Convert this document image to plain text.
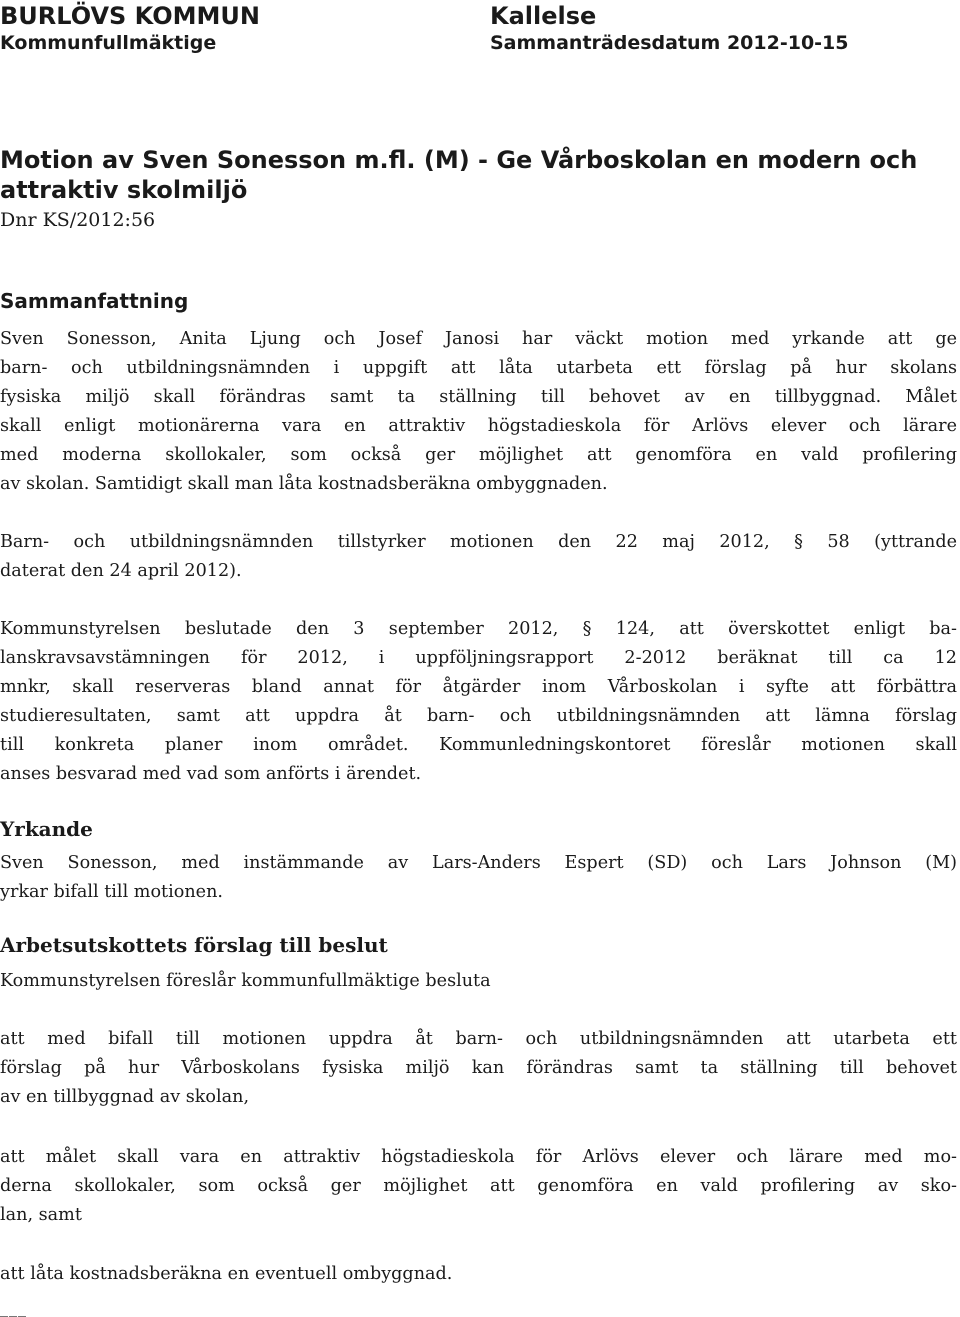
BURLÖVS KOMMUN	Kallelse
Kommunfullmäktige	Sammanträdesdatum 2012-10-15
Motion av Sven Sonesson m.fl. (M) - Ge Vårboskolan en modern och attraktiv skolmiljö

Dnr KS/2012:56

Sammanfattning
Sven Sonesson, Anita Ljung och Josef Janosi har väckt motion med yrkande att ge
barn- och utbildningsnämnden i uppgift att låta utarbeta ett förslag på hur skolans
fysiska miljö skall förändras samt ta ställning till behovet av en tillbyggnad. Målet
skall enligt motionärerna vara en attraktiv högstadieskola för Arlövs elever och lärare
med moderna skollokaler, som också ger möjlighet att genomföra en vald profilering
av skolan. Samtidigt skall man låta kostnadsberäkna ombyggnaden.
Barn- och utbildningsnämnden tillstyrker motionen den 22 maj 2012, § 58 (yttrande
daterat den 24 april 2012).
Kommunstyrelsen beslutade den 3 september 2012, § 124, att överskottet enligt ba-
lanskravsavstämningen för 2012, i uppföljningsrapport 2-2012 beräknat till ca 12
mnkr, skall reserveras bland annat för åtgärder inom Vårboskolan i syfte att förbättra
studieresultaten, samt att uppdra åt barn- och utbildningsnämnden att lämna förslag
till konkreta planer inom området. Kommunledningskontoret föreslår motionen skall
anses besvarad med vad som anförts i ärendet.
Yrkande
Sven Sonesson, med instämmande av Lars-Anders Espert (SD) och Lars Johnson (M)
yrkar bifall till motionen.
Arbetsutskottets förslag till beslut
Kommunstyrelsen föreslår kommunfullmäktige besluta
att med bifall till motionen uppdra åt barn- och utbildningsnämnden att utarbeta ett
förslag på hur Vårboskolans fysiska miljö kan förändras samt ta ställning till behovet
av en tillbyggnad av skolan,
att målet skall vara en attraktiv högstadieskola för Arlövs elever och lärare med mo-
derna skollokaler, som också ger möjlighet att genomföra en vald profilering av sko-
lan, samt
att låta kostnadsberäkna en eventuell ombyggnad.
___
